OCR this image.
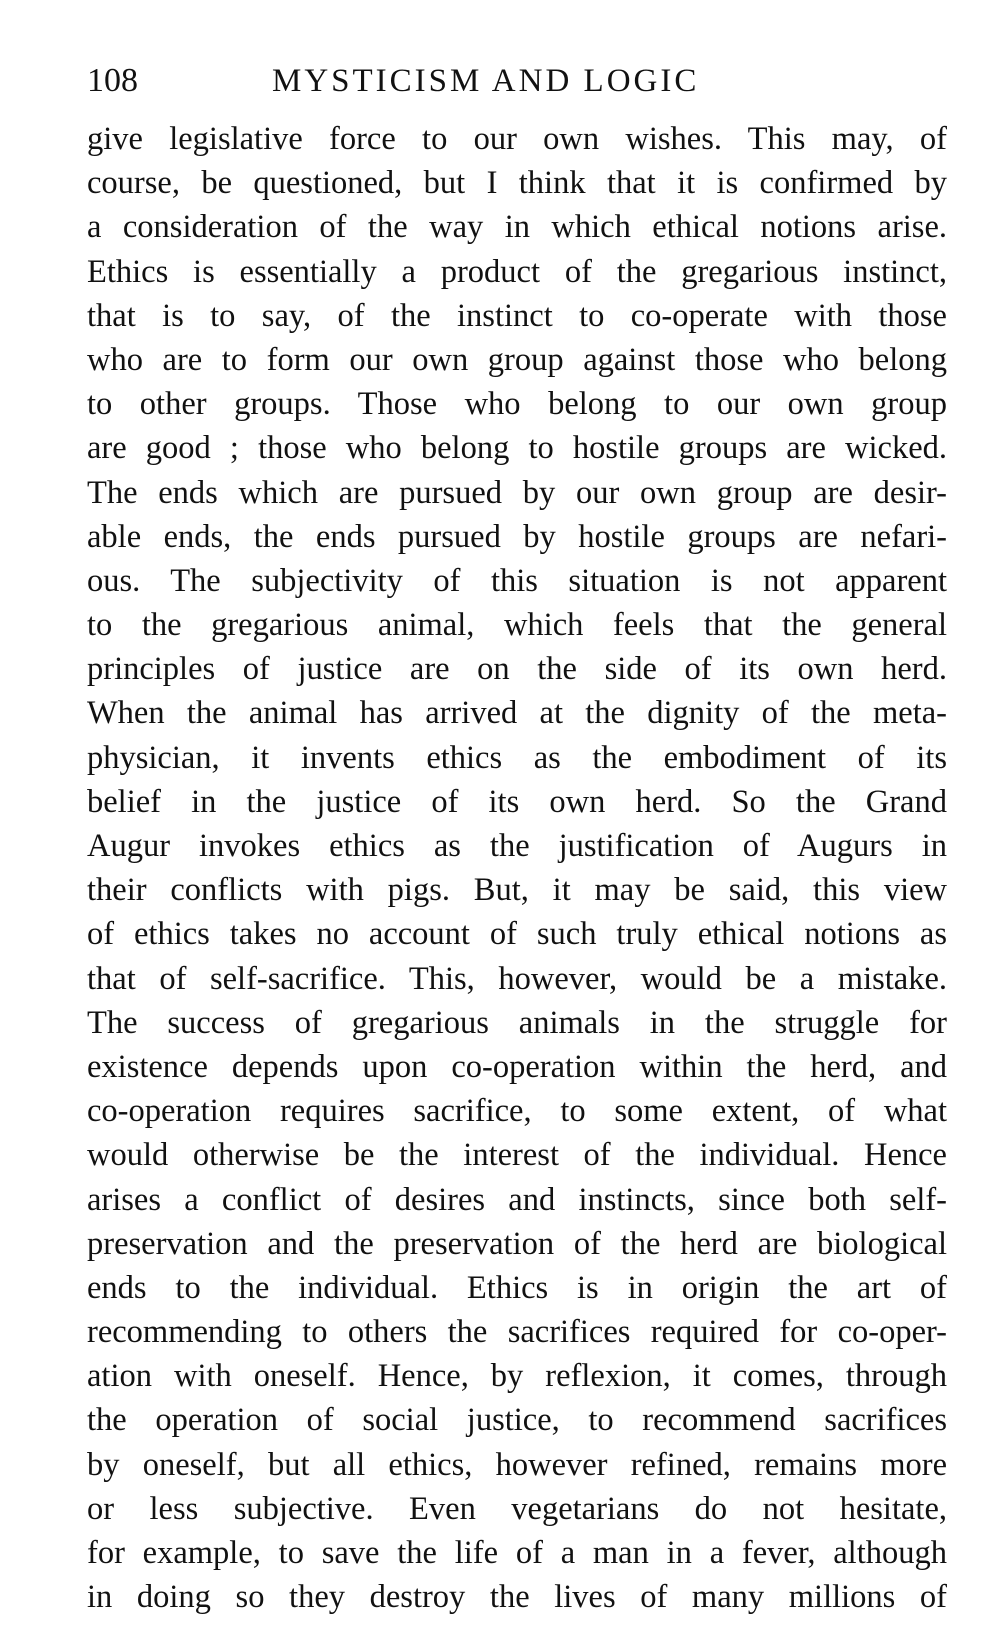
108	MYSTICISM AND LOGIC
give legislative force to our own wishes. This may, of
course, be questioned, but I think that it is confirmed by
a consideration of the way in which ethical notions arise.
Ethics is essentially a product of the gregarious instinct,
that is to say, of the instinct to co-operate with those
who are to form our own group against those who belong
to other groups. Those who belong to our own group
are good ; those who belong to hostile groups are wicked.
The ends which are pursued by our own group are desir-
able ends, the ends pursued by hostile groups are nefari-
ous. The subjectivity of this situation is not apparent
to the gregarious animal, which feels that the general
principles of justice are on the side of its own herd.
When the animal has arrived at the dignity of the meta-
physician, it invents ethics as the embodiment of its
belief in the justice of its own herd. So the Grand
Augur invokes ethics as the justification of Augurs in
their conflicts with pigs. But, it may be said, this view
of ethics takes no account of such truly ethical notions as
that of self-sacrifice. This, however, would be a mistake.
The success of gregarious animals in the struggle for
existence depends upon co-operation within the herd, and
co-operation requires sacrifice, to some extent, of what
would otherwise be the interest of the individual. Hence
arises a conflict of desires and instincts, since both self-
preservation and the preservation of the herd are biological
ends to the individual. Ethics is in origin the art of
recommending to others the sacrifices required for co-oper-
ation with oneself. Hence, by reflexion, it comes, through
the operation of social justice, to recommend sacrifices
by oneself, but all ethics, however refined, remains more
or less subjective. Even vegetarians do not hesitate,
for example, to save the life of a man in a fever, although
in doing so they destroy the lives of many millions of
